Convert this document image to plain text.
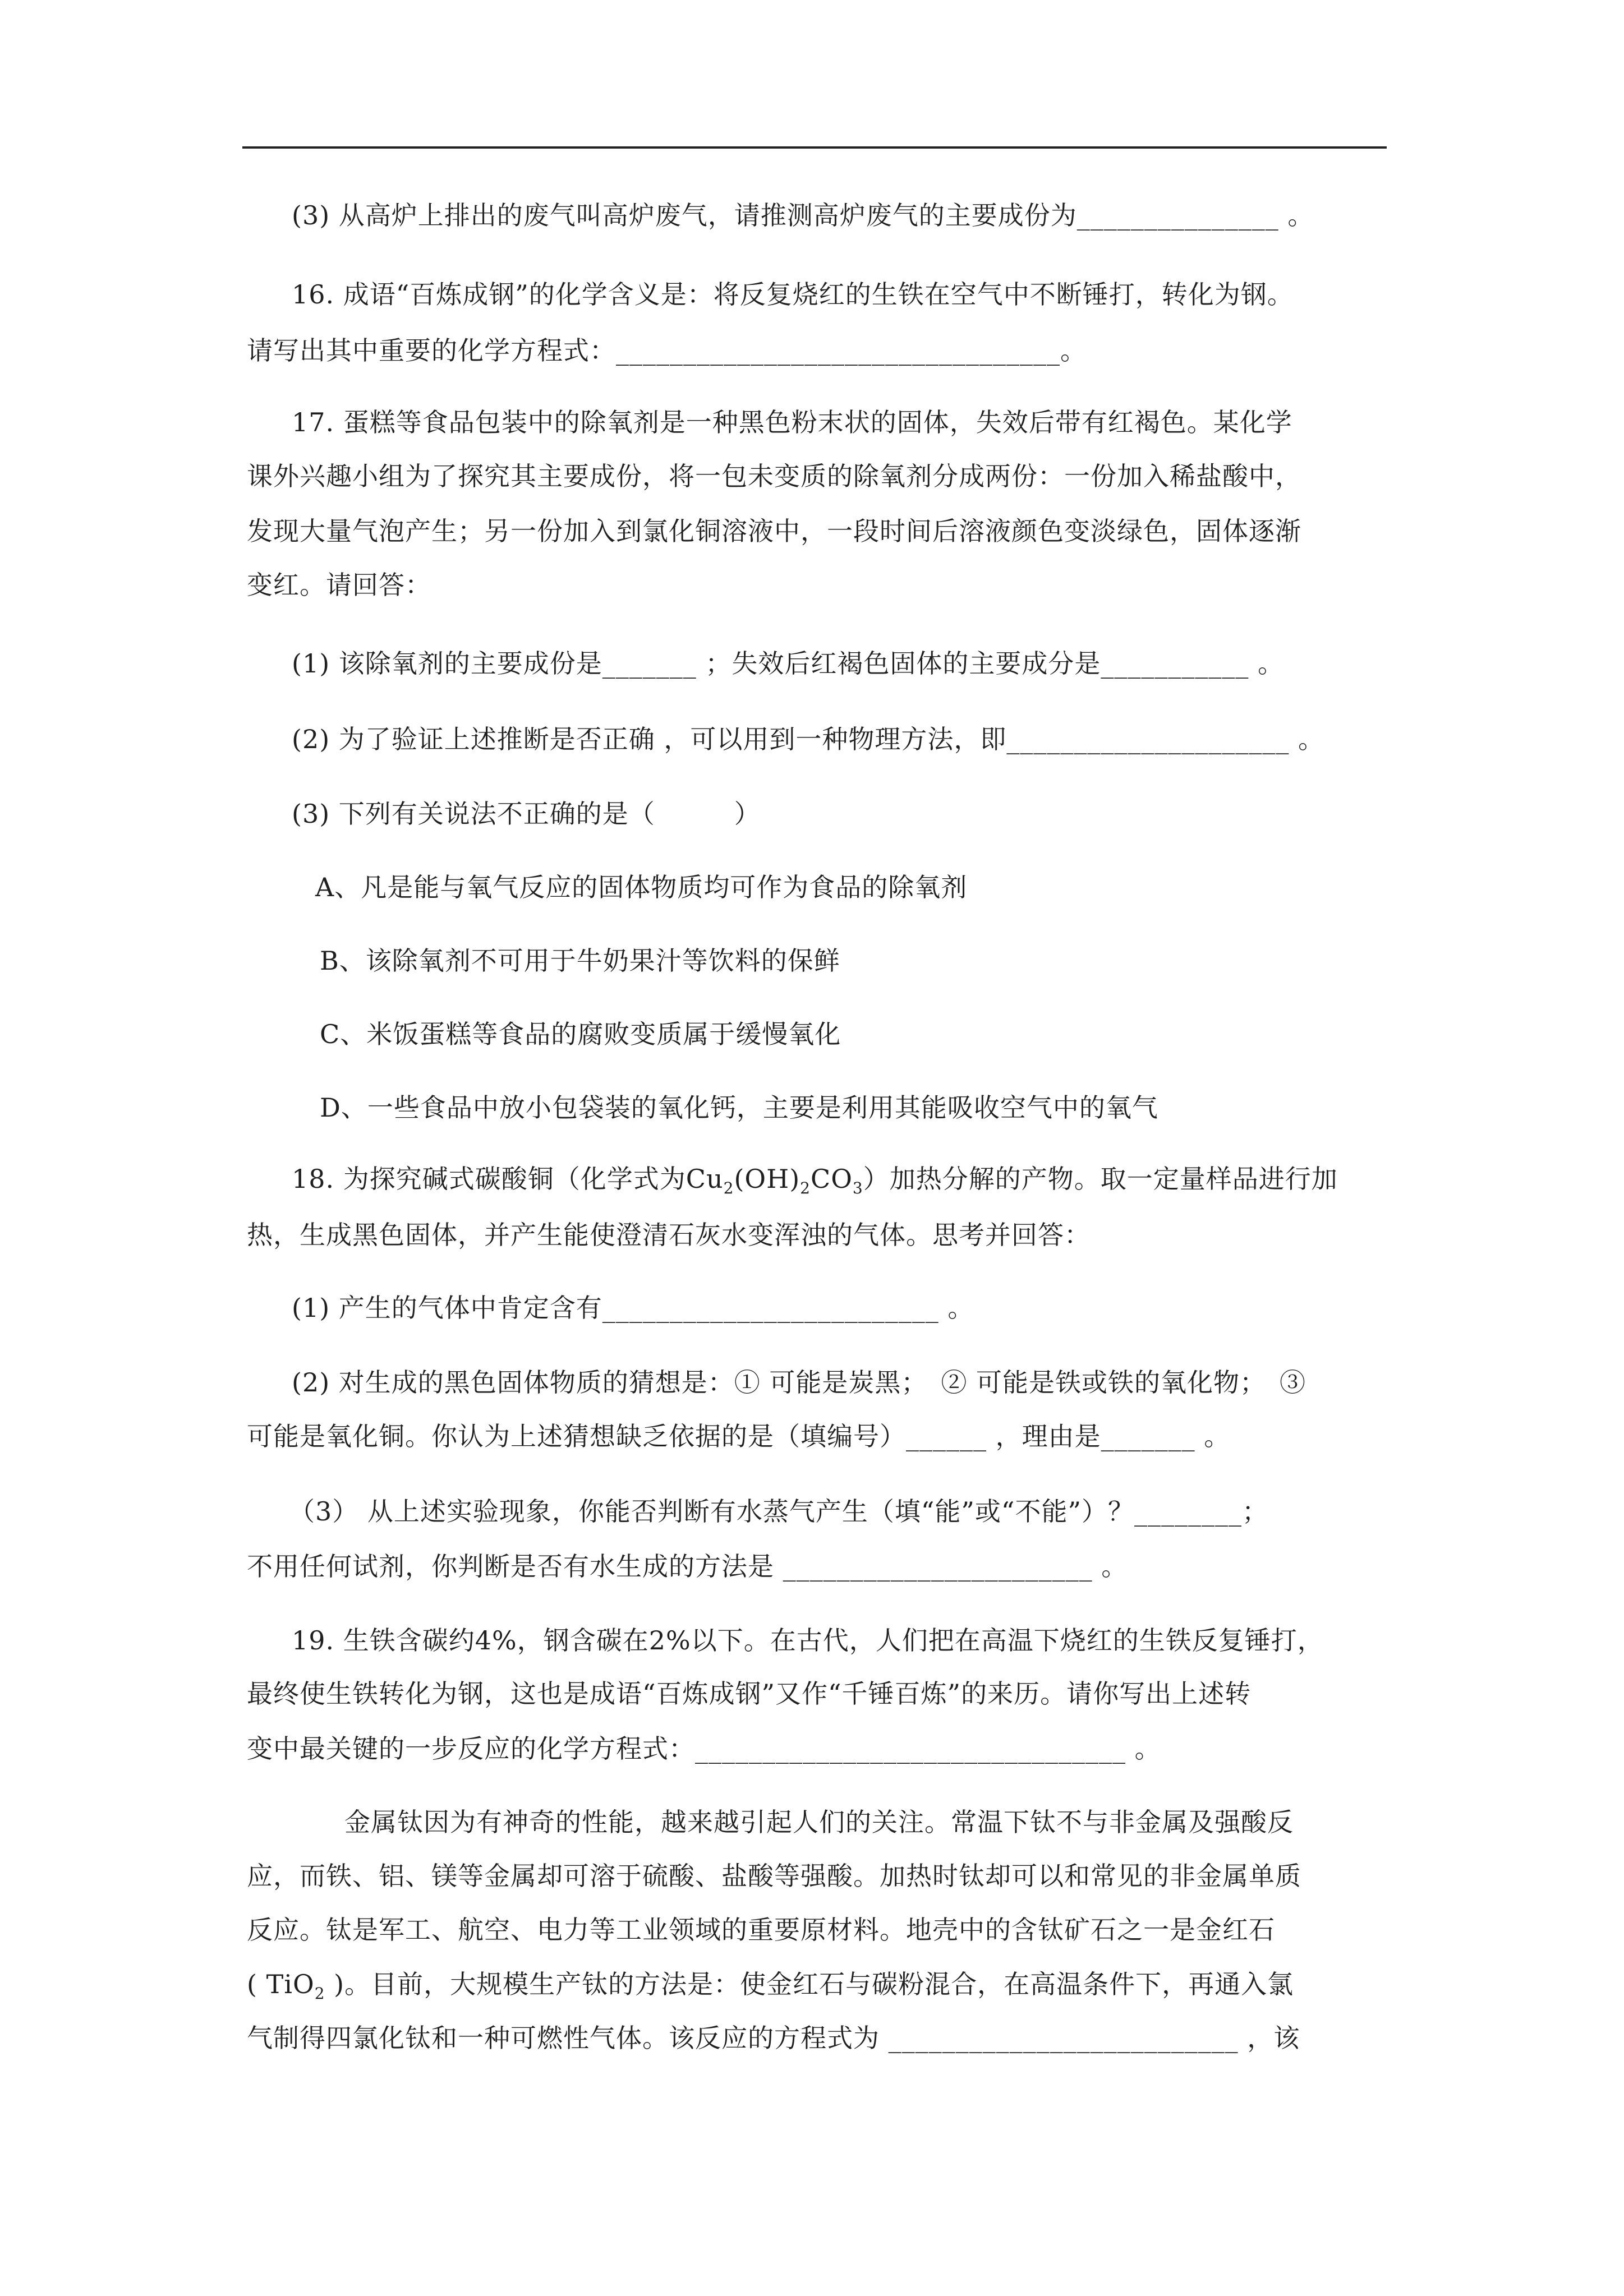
(3) 从高炉上排出的废气叫高炉废气，请推测高炉废气的主要成份为_______________ 。
16. 成语“百炼成钢”的化学含义是：将反复烧红的生铁在空气中不断锤打，转化为钢。
请写出其中重要的化学方程式：_________________________________。
17. 蛋糕等食品包装中的除氧剂是一种黑色粉末状的固体，失效后带有红褐色。某化学
课外兴趣小组为了探究其主要成份，将一包未变质的除氧剂分成两份：一份加入稀盐酸中，
发现大量气泡产生；另一份加入到氯化铜溶液中，一段时间后溶液颜色变淡绿色，固体逐渐
变红。请回答：
(1) 该除氧剂的主要成份是_______ ；失效后红褐色固体的主要成分是___________ 。
(2) 为了验证上述推断是否正确 ，可以用到一种物理方法，即_____________________ 。
(3) 下列有关说法不正确的是（　　　）
A、凡是能与氧气反应的固体物质均可作为食品的除氧剂
B、该除氧剂不可用于牛奶果汁等饮料的保鲜
C、米饭蛋糕等食品的腐败变质属于缓慢氧化
D、一些食品中放小包袋装的氧化钙，主要是利用其能吸收空气中的氧气
18. 为探究碱式碳酸铜（化学式为$Cu_2(OH)_2CO_3$）加热分解的产物。取一定量样品进行加
热，生成黑色固体，并产生能使澄清石灰水变浑浊的气体。思考并回答：
(1) 产生的气体中肯定含有_________________________ 。
(2) 对生成的黑色固体物质的猜想是：① 可能是炭黑；　② 可能是铁或铁的氧化物；　③
可能是氧化铜。你认为上述猜想缺乏依据的是（填编号）______ ，理由是_______ 。
（3） 从上述实验现象，你能否判断有水蒸气产生（填“能”或“不能”）？________；
不用任何试剂，你判断是否有水生成的方法是 _______________________ 。
19. 生铁含碳约4%，钢含碳在2%以下。在古代，人们把在高温下烧红的生铁反复锤打，
最终使生铁转化为钢，这也是成语“百炼成钢”又作“千锤百炼”的来历。请你写出上述转
变中最关键的一步反应的化学方程式：________________________________ 。
金属钛因为有神奇的性能，越来越引起人们的关注。常温下钛不与非金属及强酸反
应，而铁、铝、镁等金属却可溶于硫酸、盐酸等强酸。加热时钛却可以和常见的非金属单质
反应。钛是军工、航空、电力等工业领域的重要原材料。地壳中的含钛矿石之一是金红石
( TiO$_2$ )。目前，大规模生产钛的方法是：使金红石与碳粉混合，在高温条件下，再通入氯
气制得四氯化钛和一种可燃性气体。该反应的方程式为 __________________________ ，该
